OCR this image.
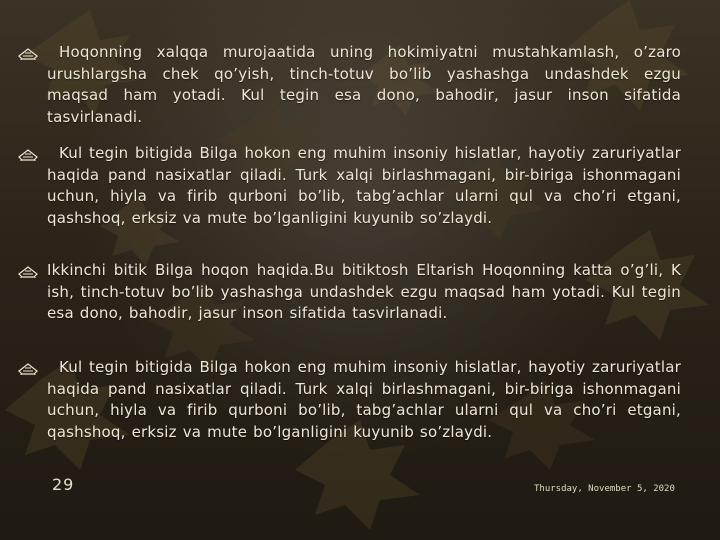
Hoqonning xalqqa murojaatida uning hokimiyatni mustahkamlash, o’zaro urushlargsha chek qo’yish, tinch-totuv bo’lib yashashga undashdek ezgu maqsad ham yotadi. Kul tegin esa dono, bahodir, jasur inson sifatida tasvirlanadi.

Kul tegin bitigida Bilga hokon eng muhim insoniy hislatlar, hayotiy zaruriyatlar haqida pand nasixatlar qiladi. Turk xalqi birlashmagani, bir-biriga ishonmagani uchun, hiyla va firib qurboni bo’lib, tabg’achlar ularni qul va cho’ri etgani, qashshoq, erksiz va mute bo’lganligini kuyunib so’zlaydi.

Ikkinchi bitik Bilga hoqon haqida.Bu bitiktosh Eltarish Hoqonning katta o’g’li, K ish, tinch-totuv bo’lib yashashga undashdek ezgu maqsad ham yotadi. Kul tegin esa dono, bahodir, jasur inson sifatida tasvirlanadi.

Kul tegin bitigida Bilga hokon eng muhim insoniy hislatlar, hayotiy zaruriyatlar haqida pand nasixatlar qiladi. Turk xalqi birlashmagani, bir-biriga ishonmagani uchun, hiyla va firib qurboni bo’lib, tabg’achlar ularni qul va cho’ri etgani, qashshoq, erksiz va mute bo’lganligini kuyunib so’zlaydi.

29	Thursday, November 5, 2020
